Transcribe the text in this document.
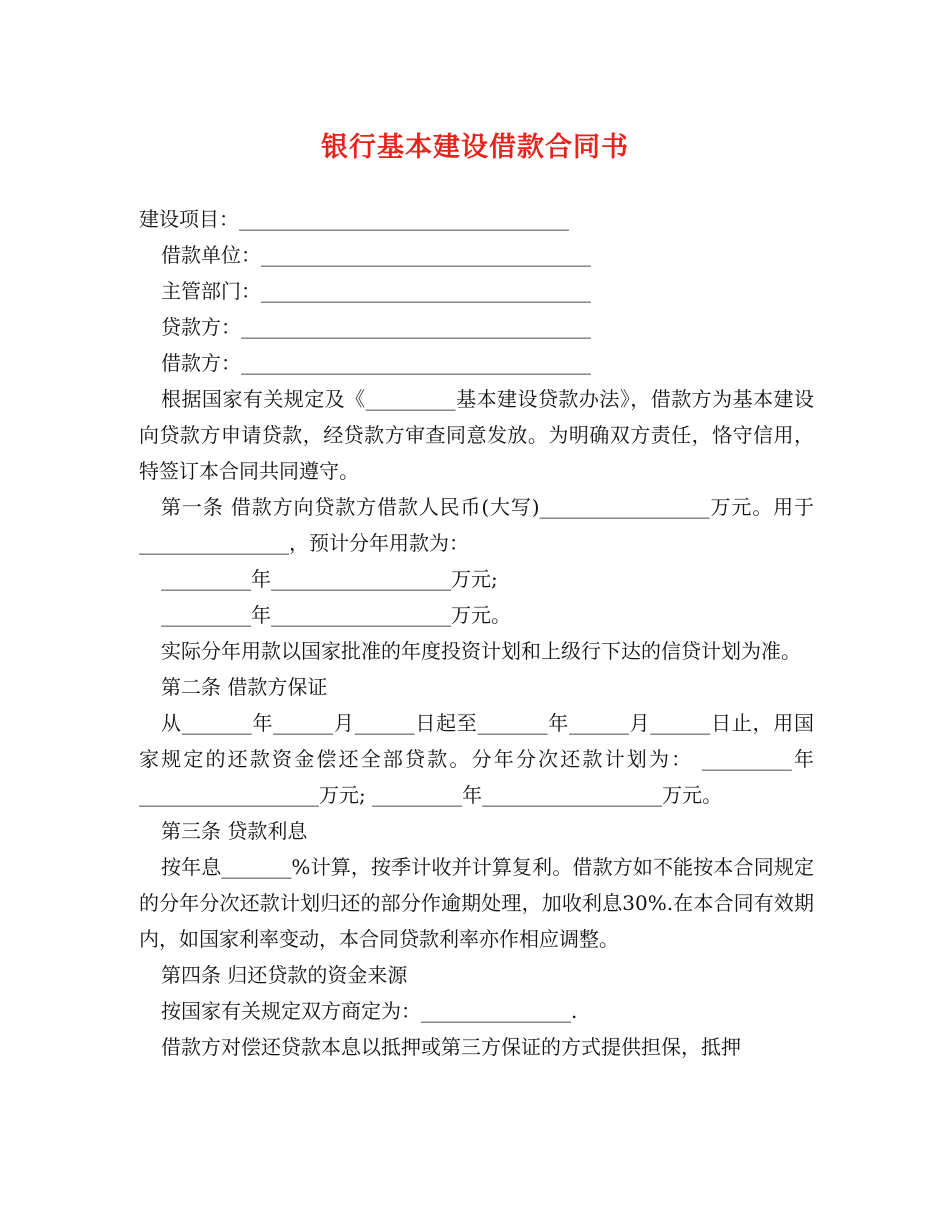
银行基本建设借款合同书
建设项目：_________________________________
借款单位：_________________________________
主管部门：_________________________________
贷款方：___________________________________
借款方：___________________________________
根据国家有关规定及《_________基本建设贷款办法》，借款方为基本建设向贷款方申请贷款，经贷款方审查同意发放。为明确双方责任，恪守信用，特签订本合同共同遵守。
第一条 借款方向贷款方借款人民币(大写)_________________万元。用于_______________，预计分年用款为：
_________年__________________万元;
_________年__________________万元。
实际分年用款以国家批准的年度投资计划和上级行下达的信贷计划为准。
第二条 借款方保证
从_______年______月______日起至_______年______月______日止，用国家规定的还款资金偿还全部贷款。分年分次还款计划为： _________年__________________万元; _________年__________________万元。
第三条 贷款利息
按年息_______%计算，按季计收并计算复利。借款方如不能按本合同规定的分年分次还款计划归还的部分作逾期处理，加收利息30%.在本合同有效期内，如国家利率变动，本合同贷款利率亦作相应调整。
第四条 归还贷款的资金来源
按国家有关规定双方商定为：_______________.
借款方对偿还贷款本息以抵押或第三方保证的方式提供担保，抵押
